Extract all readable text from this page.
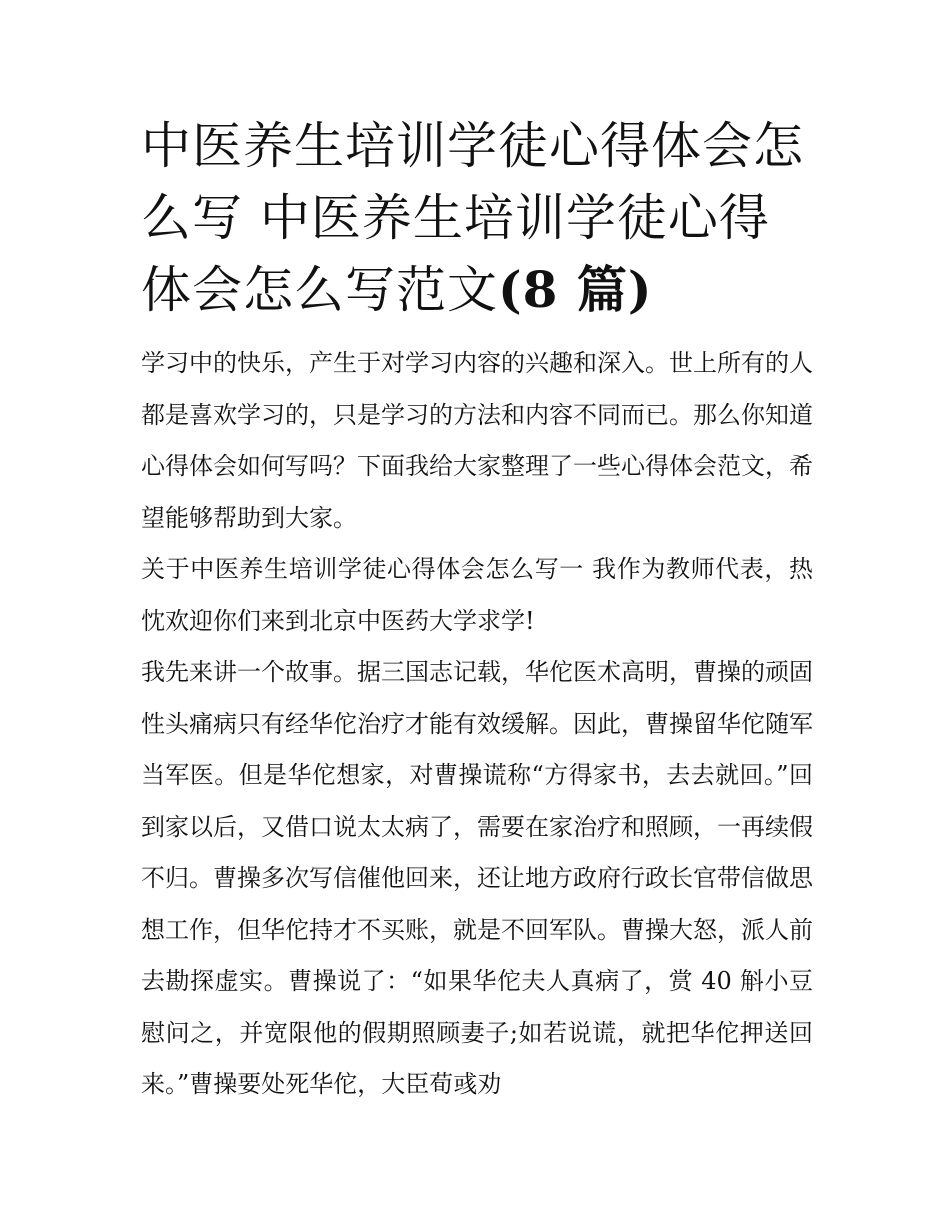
中医养生培训学徒心得体会怎么写 中医养生培训学徒心得体会怎么写范文(8 篇)

学习中的快乐，产生于对学习内容的兴趣和深入。世上所有的人都是喜欢学习的，只是学习的方法和内容不同而已。那么你知道心得体会如何写吗？下面我给大家整理了一些心得体会范文，希望能够帮助到大家。

关于中医养生培训学徒心得体会怎么写一 我作为教师代表，热忱欢迎你们来到北京中医药大学求学!

我先来讲一个故事。据三国志记载，华佗医术高明，曹操的顽固性头痛病只有经华佗治疗才能有效缓解。因此，曹操留华佗随军当军医。但是华佗想家，对曹操谎称“方得家书，去去就回。”回到家以后，又借口说太太病了，需要在家治疗和照顾，一再续假不归。曹操多次写信催他回来，还让地方政府行政长官带信做思想工作，但华佗持才不买账，就是不回军队。曹操大怒，派人前去勘探虚实。曹操说了：“如果华佗夫人真病了，赏 40 斛小豆慰问之，并宽限他的假期照顾妻子;如若说谎，就把华佗押送回来。”曹操要处死华佗，大臣荀彧劝
